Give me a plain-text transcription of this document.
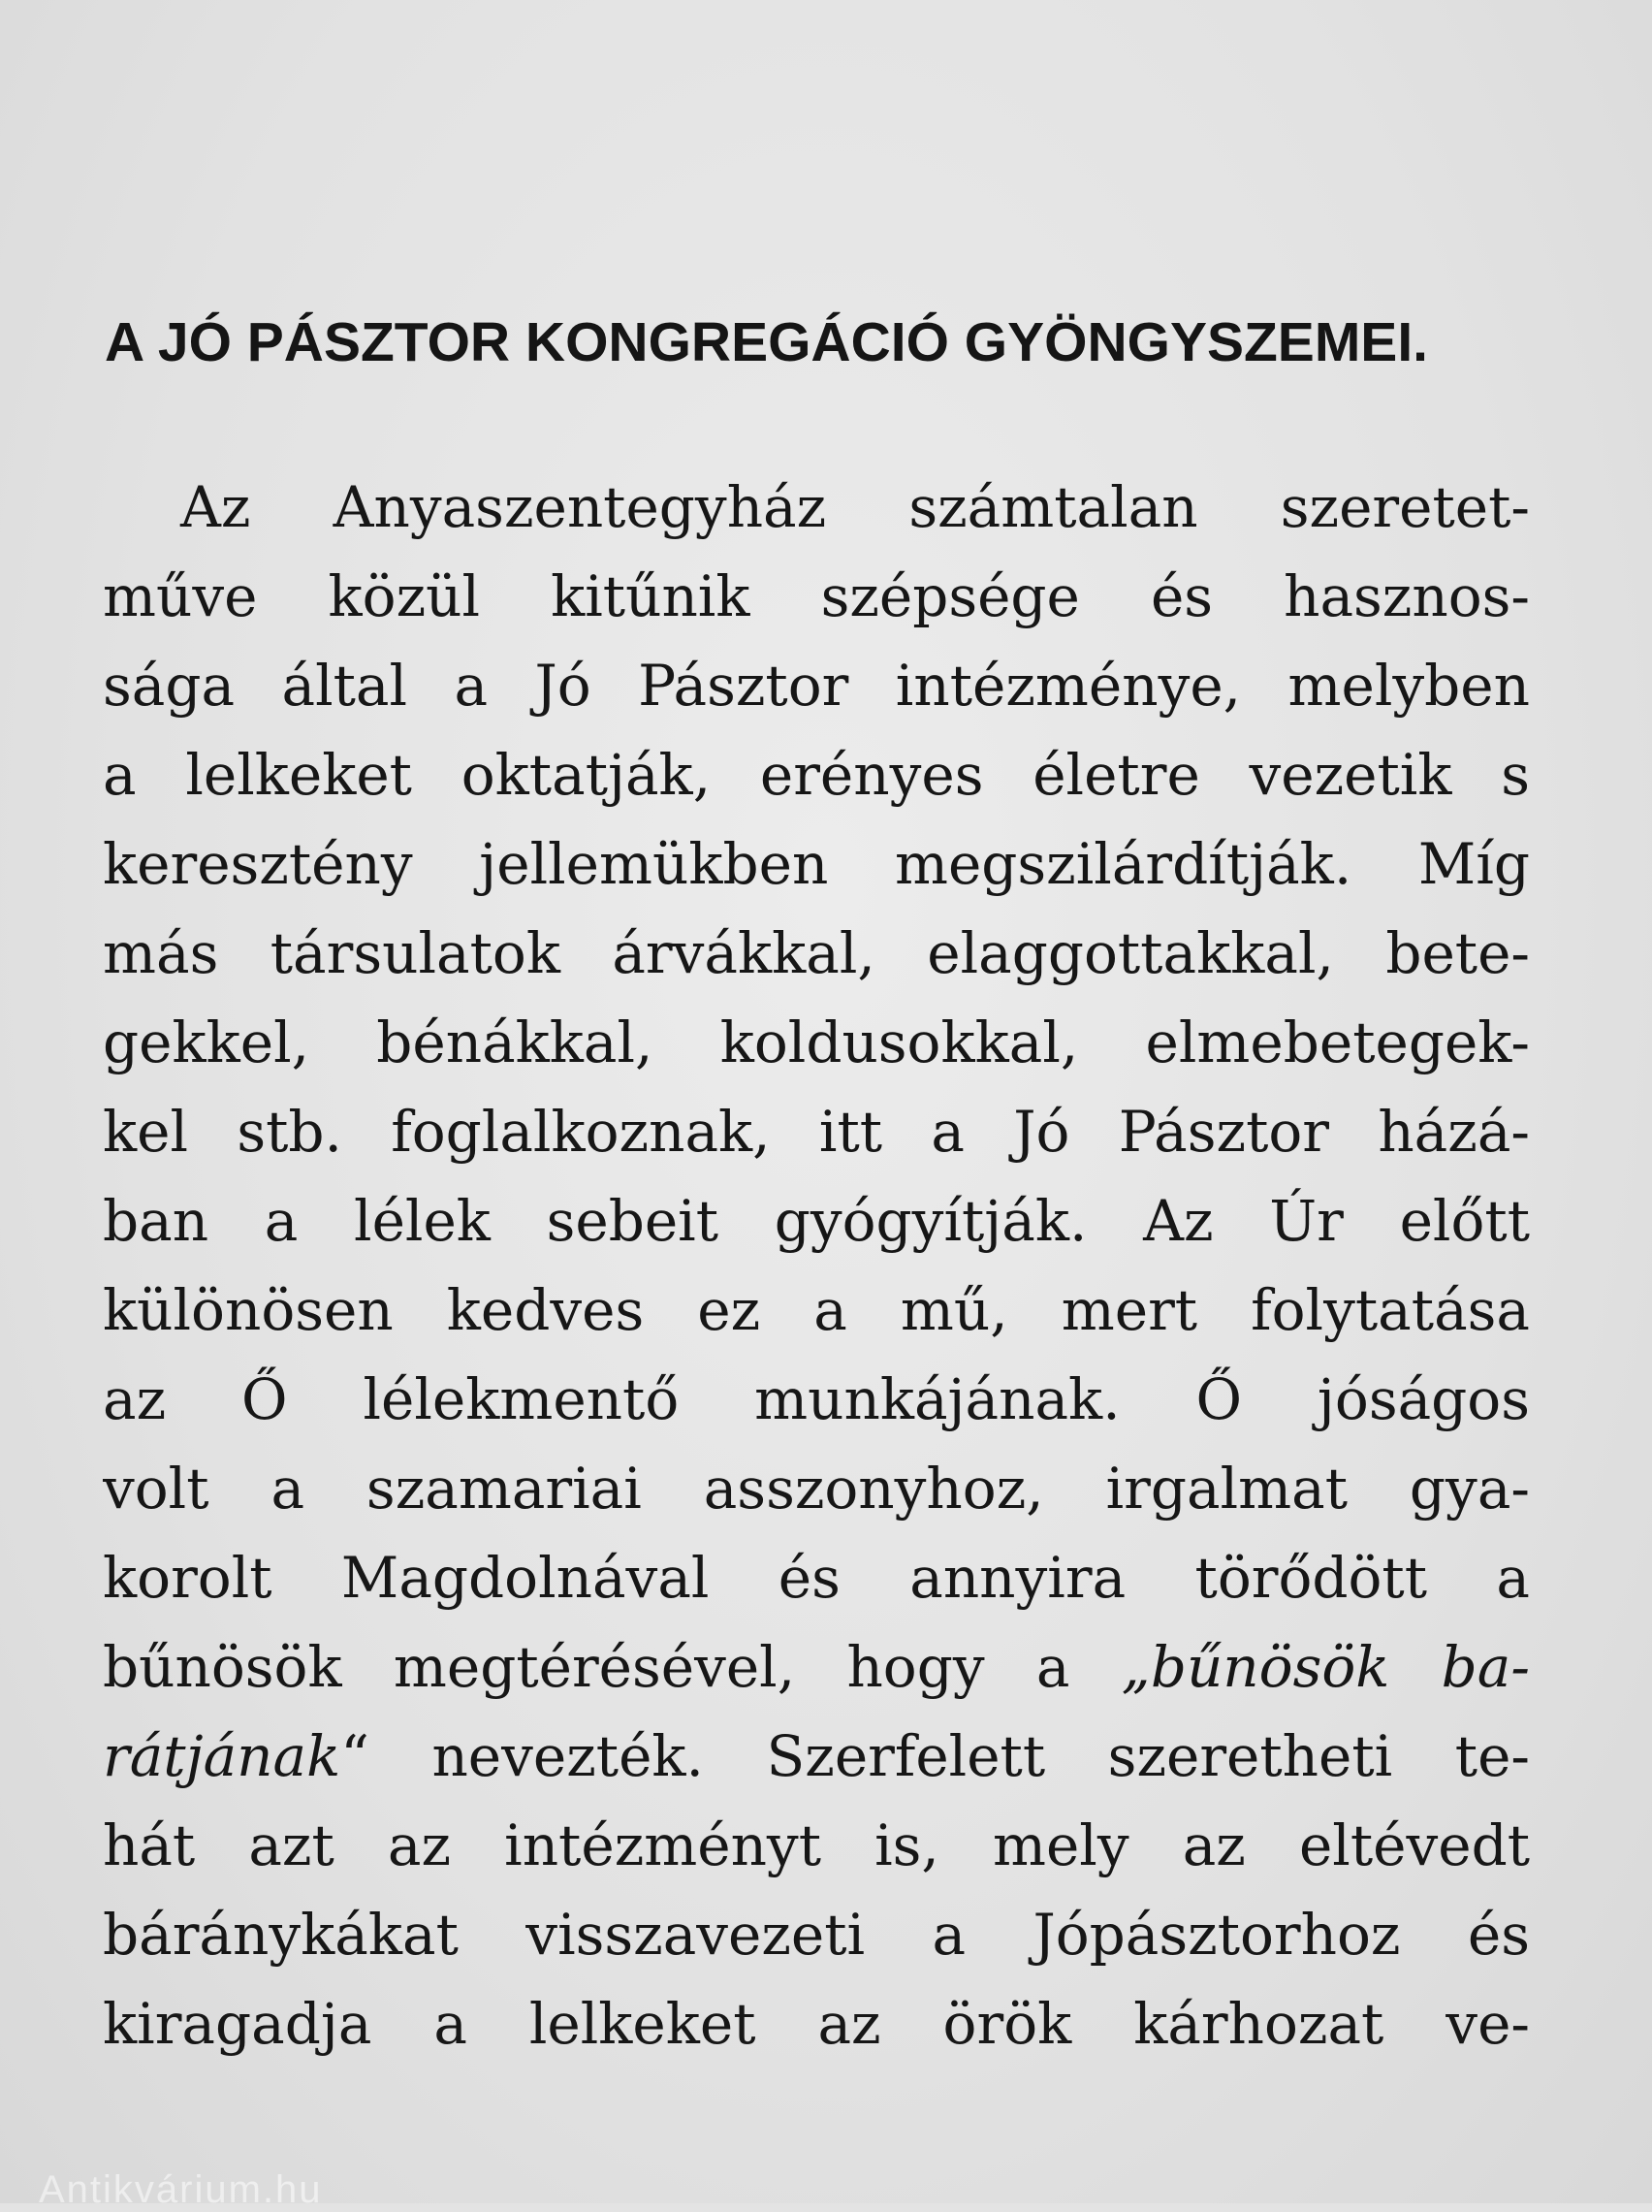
A JÓ PÁSZTOR KONGREGÁCIÓ GYÖNGYSZEMEI.
Az Anyaszentegyház számtalan szeretet-
műve közül kitűnik szépsége és hasznos-
sága által a Jó Pásztor intézménye, melyben
a lelkeket oktatják, erényes életre vezetik s
keresztény jellemükben megszilárdítják. Míg
más társulatok árvákkal, elaggottakkal, bete-
gekkel, bénákkal, koldusokkal, elmebetegek-
kel stb. foglalkoznak, itt a Jó Pásztor házá-
ban a lélek sebeit gyógyítják. Az Úr előtt
különösen kedves ez a mű, mert folytatása
az Ő lélekmentő munkájának. Ő jóságos
volt a szamariai asszonyhoz, irgalmat gya-
korolt Magdolnával és annyira törődött a
bűnösök megtérésével, hogy a „bűnösök ba-
rátjának“ nevezték. Szerfelett szeretheti te-
hát azt az intézményt is, mely az eltévedt
báránykákat visszavezeti a Jópásztorhoz és
kiragadja a lelkeket az örök kárhozat ve-
Antikvárium.hu
